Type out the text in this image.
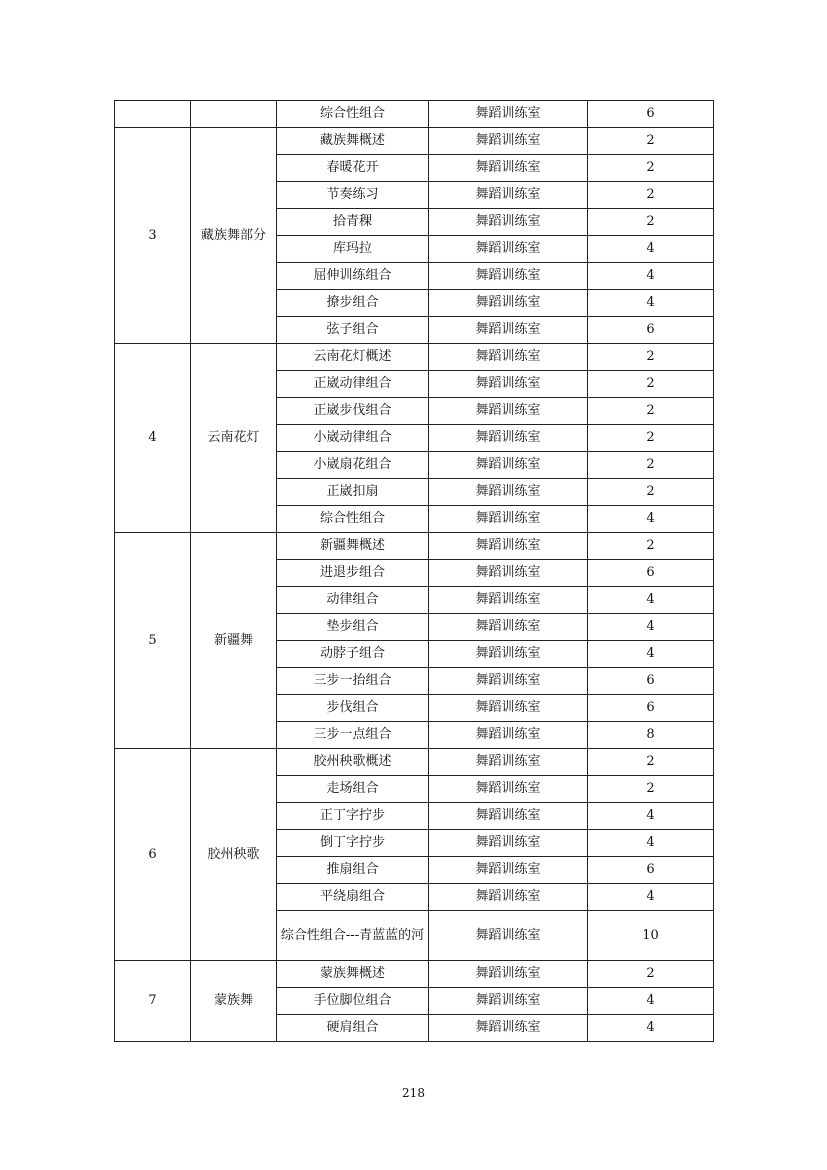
		综合性组合	舞蹈训练室	6
3	藏族舞部分	藏族舞概述	舞蹈训练室	2
		春暖花开	舞蹈训练室	2
		节奏练习	舞蹈训练室	2
		拾青稞	舞蹈训练室	2
		库玛拉	舞蹈训练室	4
		屈伸训练组合	舞蹈训练室	4
		撩步组合	舞蹈训练室	4
		弦子组合	舞蹈训练室	6
4	云南花灯	云南花灯概述	舞蹈训练室	2
		正崴动律组合	舞蹈训练室	2
		正崴步伐组合	舞蹈训练室	2
		小崴动律组合	舞蹈训练室	2
		小崴扇花组合	舞蹈训练室	2
		正崴扣扇	舞蹈训练室	2
		综合性组合	舞蹈训练室	4
5	新疆舞	新疆舞概述	舞蹈训练室	2
		进退步组合	舞蹈训练室	6
		动律组合	舞蹈训练室	4
		垫步组合	舞蹈训练室	4
		动脖子组合	舞蹈训练室	4
		三步一抬组合	舞蹈训练室	6
		步伐组合	舞蹈训练室	6
		三步一点组合	舞蹈训练室	8
6	胶州秧歌	胶州秧歌概述	舞蹈训练室	2
		走场组合	舞蹈训练室	2
		正丁字拧步	舞蹈训练室	4
		倒丁字拧步	舞蹈训练室	4
		推扇组合	舞蹈训练室	6
		平绕扇组合	舞蹈训练室	4
		综合性组合---青蓝蓝的河	舞蹈训练室	10
7	蒙族舞	蒙族舞概述	舞蹈训练室	2
		手位脚位组合	舞蹈训练室	4
		硬肩组合	舞蹈训练室	4
218
